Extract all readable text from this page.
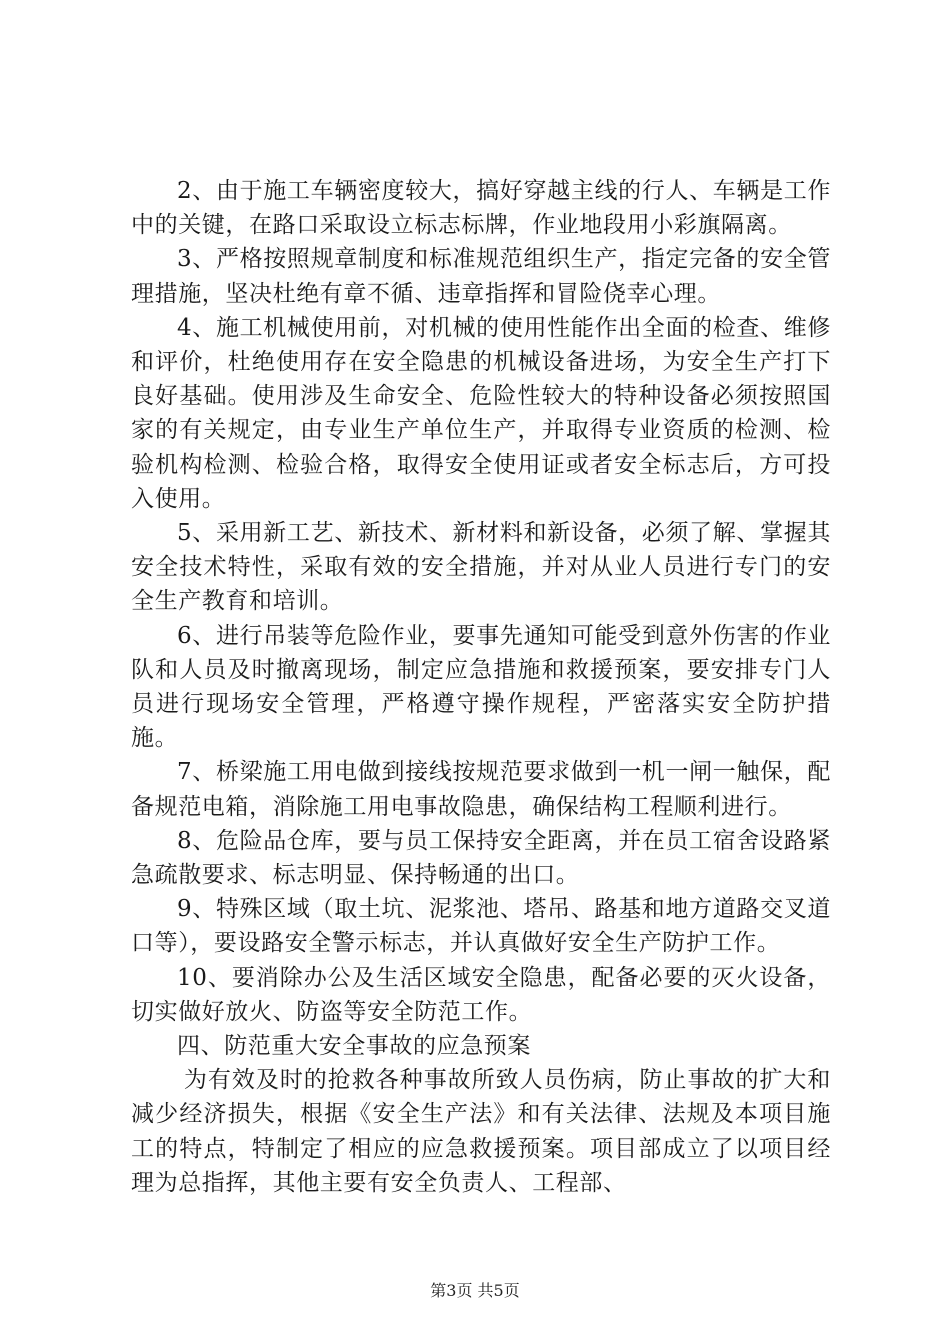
2、由于施工车辆密度较大，搞好穿越主线的行人、车辆是工作中的关键，在路口采取设立标志标牌，作业地段用小彩旗隔离。

3、严格按照规章制度和标准规范组织生产，指定完备的安全管理措施，坚决杜绝有章不循、违章指挥和冒险侥幸心理。

4、施工机械使用前，对机械的使用性能作出全面的检查、维修和评价，杜绝使用存在安全隐患的机械设备进场，为安全生产打下良好基础。使用涉及生命安全、危险性较大的特种设备必须按照国家的有关规定，由专业生产单位生产，并取得专业资质的检测、检验机构检测、检验合格，取得安全使用证或者安全标志后，方可投入使用。

5、采用新工艺、新技术、新材料和新设备，必须了解、掌握其安全技术特性，采取有效的安全措施，并对从业人员进行专门的安全生产教育和培训。

6、进行吊装等危险作业，要事先通知可能受到意外伤害的作业队和人员及时撤离现场，制定应急措施和救援预案，要安排专门人员进行现场安全管理，严格遵守操作规程，严密落实安全防护措施。

7、桥梁施工用电做到接线按规范要求做到一机一闸一触保，配备规范电箱，消除施工用电事故隐患，确保结构工程顺利进行。

8、危险品仓库，要与员工保持安全距离，并在员工宿舍设路紧急疏散要求、标志明显、保持畅通的出口。

9、特殊区域（取土坑、泥浆池、塔吊、路基和地方道路交叉道口等），要设路安全警示标志，并认真做好安全生产防护工作。

10、要消除办公及生活区域安全隐患，配备必要的灭火设备，切实做好放火、防盗等安全防范工作。

四、防范重大安全事故的应急预案

为有效及时的抢救各种事故所致人员伤病，防止事故的扩大和减少经济损失，根据《安全生产法》和有关法律、法规及本项目施工的特点，特制定了相应的应急救援预案。项目部成立了以项目经理为总指挥，其他主要有安全负责人、工程部、

第3页 共5页
